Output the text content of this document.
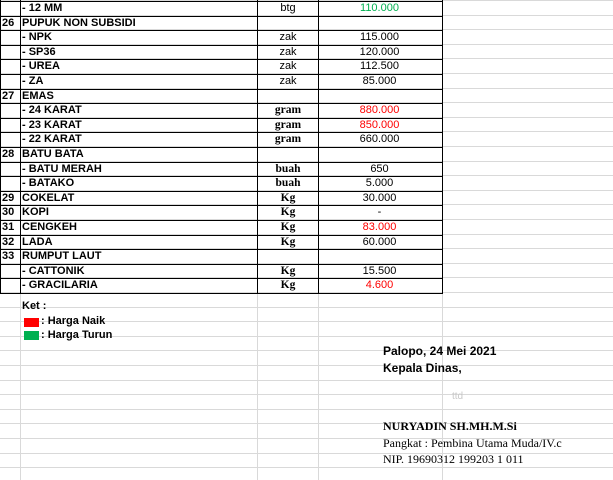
- 12 MM	btg	110.000
26 PUPUK NON SUBSIDI
- NPK	zak	115.000
- SP36	zak	120.000
- UREA	zak	112.500
- ZA	zak	85.000
27 EMAS
- 24 KARAT	gram	880.000
- 23 KARAT	gram	850.000
- 22 KARAT	gram	660.000
28 BATU BATA
- BATU MERAH	buah	650
- BATAKO	buah	5.000
29 COKELAT	Kg	30.000
30 KOPI	Kg	-
31 CENGKEH	Kg	83.000
32 LADA	Kg	60.000
33 RUMPUT LAUT
- CATTONIK	Kg	15.500
- GRACILARIA	Kg	4.600
Ket :
: Harga Naik
: Harga Turun
Palopo, 24 Mei 2021
Kepala Dinas,
ttd
NURYADIN SH.MH.M.Si
Pangkat : Pembina Utama Muda/IV.c
NIP. 19690312 199203 1 011
